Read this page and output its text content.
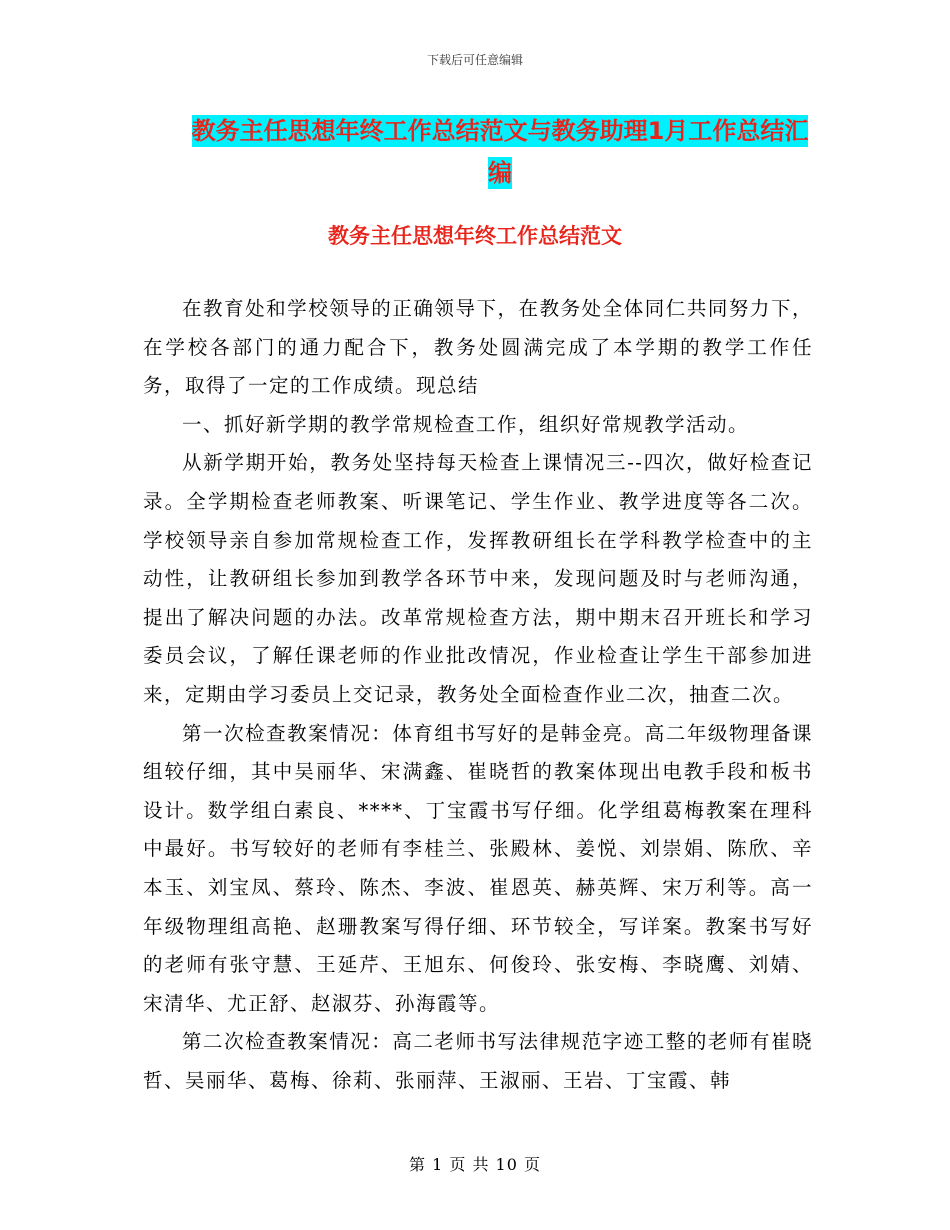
下载后可任意编辑
教务主任思想年终工作总结范文与教务助理1月工作总结汇编
教务主任思想年终工作总结范文

在教育处和学校领导的正确领导下，在教务处全体同仁共同努力下，在学校各部门的通力配合下，教务处圆满完成了本学期的教学工作任务，取得了一定的工作成绩。现总结

一、抓好新学期的教学常规检查工作，组织好常规教学活动。

从新学期开始，教务处坚持每天检查上课情况三--四次，做好检查记录。全学期检查老师教案、听课笔记、学生作业、教学进度等各二次。学校领导亲自参加常规检查工作，发挥教研组长在学科教学检查中的主动性，让教研组长参加到教学各环节中来，发现问题及时与老师沟通，提出了解决问题的办法。改革常规检查方法，期中期末召开班长和学习委员会议，了解任课老师的作业批改情况，作业检查让学生干部参加进来，定期由学习委员上交记录，教务处全面检查作业二次，抽查二次。

第一次检查教案情况：体育组书写好的是韩金亮。高二年级物理备课组较仔细，其中吴丽华、宋满鑫、崔晓哲的教案体现出电教手段和板书设计。数学组白素良、****、丁宝霞书写仔细。化学组葛梅教案在理科中最好。书写较好的老师有李桂兰、张殿林、姜悦、刘崇娟、陈欣、辛本玉、刘宝凤、蔡玲、陈杰、李波、崔恩英、赫英辉、宋万利等。高一年级物理组高艳、赵珊教案写得仔细、环节较全，写详案。教案书写好的老师有张守慧、王延芹、王旭东、何俊玲、张安梅、李晓鹰、刘婧、宋清华、尤正舒、赵淑芬、孙海霞等。

第二次检查教案情况：高二老师书写法律规范字迹工整的老师有崔晓哲、吴丽华、葛梅、徐莉、张丽萍、王淑丽、王岩、丁宝霞、韩

第 1 页 共 10 页
